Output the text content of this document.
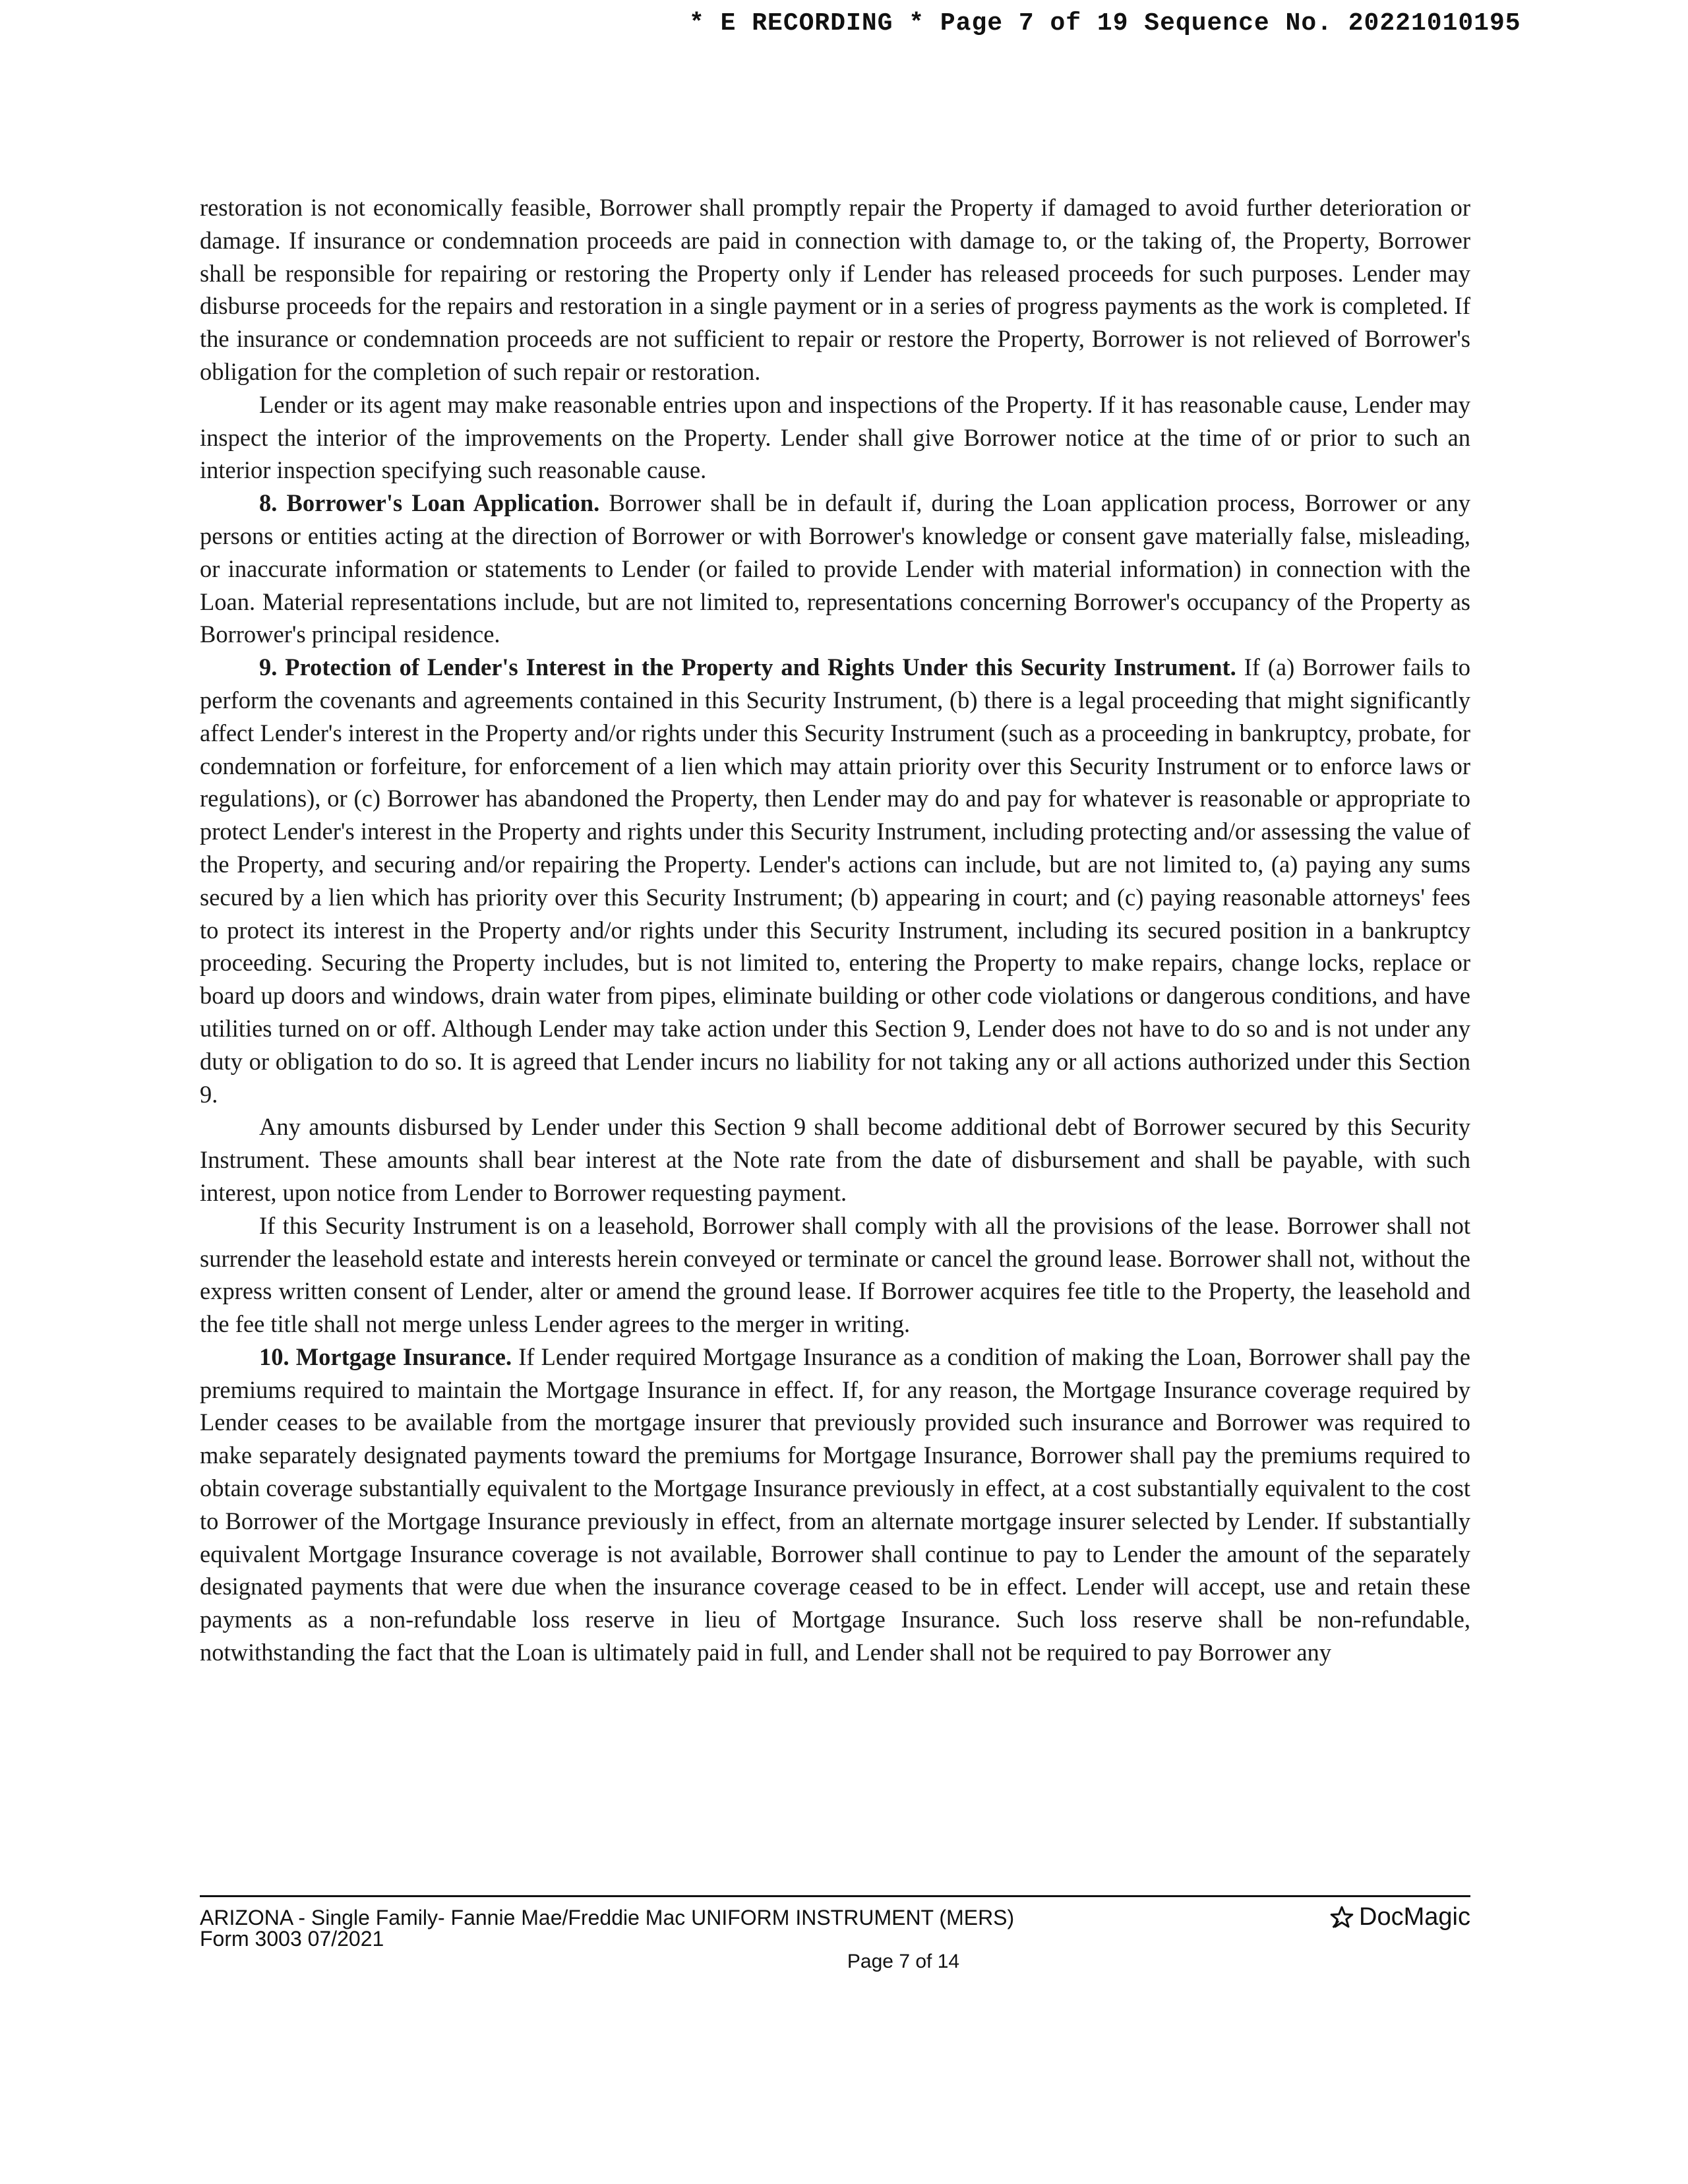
* E RECORDING * Page 7 of 19 Sequence No. 20221010195

restoration is not economically feasible, Borrower shall promptly repair the Property if damaged to avoid further deterioration or damage. If insurance or condemnation proceeds are paid in connection with damage to, or the taking of, the Property, Borrower shall be responsible for repairing or restoring the Property only if Lender has released proceeds for such purposes. Lender may disburse proceeds for the repairs and restoration in a single payment or in a series of progress payments as the work is completed. If the insurance or condemnation proceeds are not sufficient to repair or restore the Property, Borrower is not relieved of Borrower's obligation for the completion of such repair or restoration.

Lender or its agent may make reasonable entries upon and inspections of the Property. If it has reasonable cause, Lender may inspect the interior of the improvements on the Property. Lender shall give Borrower notice at the time of or prior to such an interior inspection specifying such reasonable cause.

8. Borrower's Loan Application. Borrower shall be in default if, during the Loan application process, Borrower or any persons or entities acting at the direction of Borrower or with Borrower's knowledge or consent gave materially false, misleading, or inaccurate information or statements to Lender (or failed to provide Lender with material information) in connection with the Loan. Material representations include, but are not limited to, representations concerning Borrower's occupancy of the Property as Borrower's principal residence.

9. Protection of Lender's Interest in the Property and Rights Under this Security Instrument. If (a) Borrower fails to perform the covenants and agreements contained in this Security Instrument, (b) there is a legal proceeding that might significantly affect Lender's interest in the Property and/or rights under this Security Instrument (such as a proceeding in bankruptcy, probate, for condemnation or forfeiture, for enforcement of a lien which may attain priority over this Security Instrument or to enforce laws or regulations), or (c) Borrower has abandoned the Property, then Lender may do and pay for whatever is reasonable or appropriate to protect Lender's interest in the Property and rights under this Security Instrument, including protecting and/or assessing the value of the Property, and securing and/or repairing the Property. Lender's actions can include, but are not limited to, (a) paying any sums secured by a lien which has priority over this Security Instrument; (b) appearing in court; and (c) paying reasonable attorneys' fees to protect its interest in the Property and/or rights under this Security Instrument, including its secured position in a bankruptcy proceeding. Securing the Property includes, but is not limited to, entering the Property to make repairs, change locks, replace or board up doors and windows, drain water from pipes, eliminate building or other code violations or dangerous conditions, and have utilities turned on or off. Although Lender may take action under this Section 9, Lender does not have to do so and is not under any duty or obligation to do so. It is agreed that Lender incurs no liability for not taking any or all actions authorized under this Section 9.

Any amounts disbursed by Lender under this Section 9 shall become additional debt of Borrower secured by this Security Instrument. These amounts shall bear interest at the Note rate from the date of disbursement and shall be payable, with such interest, upon notice from Lender to Borrower requesting payment.

If this Security Instrument is on a leasehold, Borrower shall comply with all the provisions of the lease. Borrower shall not surrender the leasehold estate and interests herein conveyed or terminate or cancel the ground lease. Borrower shall not, without the express written consent of Lender, alter or amend the ground lease. If Borrower acquires fee title to the Property, the leasehold and the fee title shall not merge unless Lender agrees to the merger in writing.

10. Mortgage Insurance. If Lender required Mortgage Insurance as a condition of making the Loan, Borrower shall pay the premiums required to maintain the Mortgage Insurance in effect. If, for any reason, the Mortgage Insurance coverage required by Lender ceases to be available from the mortgage insurer that previously provided such insurance and Borrower was required to make separately designated payments toward the premiums for Mortgage Insurance, Borrower shall pay the premiums required to obtain coverage substantially equivalent to the Mortgage Insurance previously in effect, at a cost substantially equivalent to the cost to Borrower of the Mortgage Insurance previously in effect, from an alternate mortgage insurer selected by Lender. If substantially equivalent Mortgage Insurance coverage is not available, Borrower shall continue to pay to Lender the amount of the separately designated payments that were due when the insurance coverage ceased to be in effect. Lender will accept, use and retain these payments as a non-refundable loss reserve in lieu of Mortgage Insurance. Such loss reserve shall be non-refundable, notwithstanding the fact that the Loan is ultimately paid in full, and Lender shall not be required to pay Borrower any

ARIZONA - Single Family- Fannie Mae/Freddie Mac UNIFORM INSTRUMENT (MERS)
Form 3003 07/2021
DocMagic
Page 7 of 14
